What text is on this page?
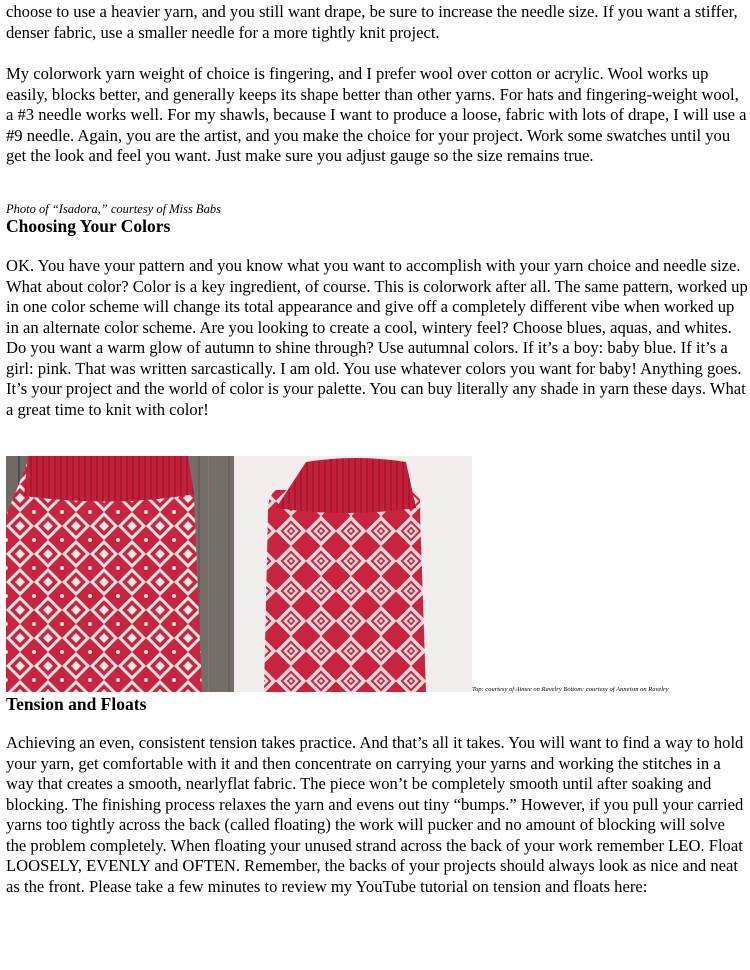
choose to use a heavier yarn, and you still want drape, be sure to increase the needle size. If you want a stiffer, denser fabric, use a smaller needle for a more tightly knit project.

My colorwork yarn weight of choice is fingering, and I prefer wool over cotton or acrylic. Wool works up easily, blocks better, and generally keeps its shape better than other yarns. For hats and fingering-weight wool, a #3 needle works well. For my shawls, because I want to produce a loose, fabric with lots of drape, I will use a #9 needle. Again, you are the artist, and you make the choice for your project. Work some swatches until you get the look and feel you want. Just make sure you adjust gauge so the size remains true.

Photo of “Isadora,” courtesy of Miss Babs
Choosing Your Colors

OK. You have your pattern and you know what you want to accomplish with your yarn choice and needle size. What about color? Color is a key ingredient, of course. This is colorwork after all. The same pattern, worked up in one color scheme will change its total appearance and give off a completely different vibe when worked up in an alternate color scheme. Are you looking to create a cool, wintery feel? Choose blues, aquas, and whites. Do you want a warm glow of autumn to shine through? Use autumnal colors. If it’s a boy: baby blue. If it’s a girl: pink. That was written sarcastically. I am old. You use whatever colors you want for baby! Anything goes. It’s your project and the world of color is your palette. You can buy literally any shade in yarn these days. What a great time to knit with color!

Top: courtesy of Aimee on Ravelry Bottom: courtesy of Anneism on Ravelry
Tension and Floats

Achieving an even, consistent tension takes practice. And that’s all it takes. You will want to find a way to hold your yarn, get comfortable with it and then concentrate on carrying your yarns and working the stitches in a way that creates a smooth, nearlyflat fabric. The piece won’t be completely smooth until after soaking and blocking. The finishing process relaxes the yarn and evens out tiny “bumps.” However, if you pull your carried yarns too tightly across the back (called floating) the work will pucker and no amount of blocking will solve the problem completely. When floating your unused strand across the back of your work remember LEO. Float LOOSELY, EVENLY and OFTEN. Remember, the backs of your projects should always look as nice and neat as the front. Please take a few minutes to review my YouTube tutorial on tension and floats here:
